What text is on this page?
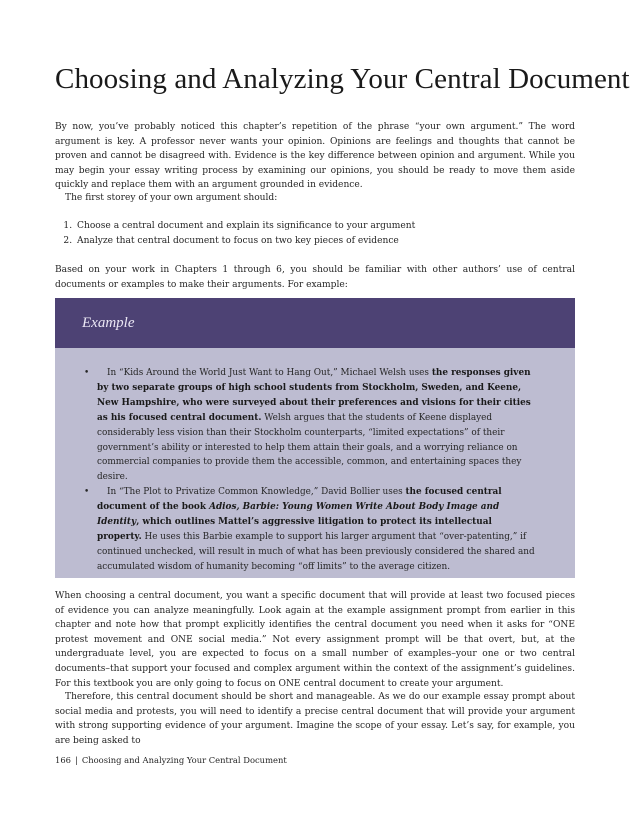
Choosing and Analyzing Your Central Document

By now, you’ve probably noticed this chapter’s repetition of the phrase “your own argument.” The word argument is key. A professor never wants your opinion. Opinions are feelings and thoughts that cannot be proven and cannot be disagreed with. Evidence is the key difference between opinion and argument. While you may begin your essay writing process by examining our opinions, you should be ready to move them aside quickly and replace them with an argument grounded in evidence.

The first storey of your own argument should:

1. Choose a central document and explain its significance to your argument
2. Analyze that central document to focus on two key pieces of evidence

Based on your work in Chapters 1 through 6, you should be familiar with other authors’ use of central documents or examples to make their arguments. For example:

Example
• In “Kids Around the World Just Want to Hang Out,” Michael Welsh uses the responses given by two separate groups of high school students from Stockholm, Sweden, and Keene, New Hampshire, who were surveyed about their preferences and visions for their cities as his focused central document. Welsh argues that the students of Keene displayed considerably less vision than their Stockholm counterparts, “limited expectations” of their government’s ability or interested to help them attain their goals, and a worrying reliance on commercial companies to provide them the accessible, common, and entertaining spaces they desire.
• In “The Plot to Privatize Common Knowledge,” David Bollier uses the focused central document of the book Adios, Barbie: Young Women Write About Body Image and Identity, which outlines Mattel’s aggressive litigation to protect its intellectual property. He uses this Barbie example to support his larger argument that “over-patenting,” if continued unchecked, will result in much of what has been previously considered the shared and accumulated wisdom of humanity becoming “off limits” to the average citizen.

When choosing a central document, you want a specific document that will provide at least two focused pieces of evidence you can analyze meaningfully. Look again at the example assignment prompt from earlier in this chapter and note how that prompt explicitly identifies the central document you need when it asks for “ONE protest movement and ONE social media.” Not every assignment prompt will be that overt, but, at the undergraduate level, you are expected to focus on a small number of examples–your one or two central documents–that support your focused and complex argument within the context of the assignment’s guidelines. For this textbook you are only going to focus on ONE central document to create your argument.

Therefore, this central document should be short and manageable. As we do our example essay prompt about social media and protests, you will need to identify a precise central document that will provide your argument with strong supporting evidence of your argument. Imagine the scope of your essay. Let’s say, for example, you are being asked to

166 | Choosing and Analyzing Your Central Document
